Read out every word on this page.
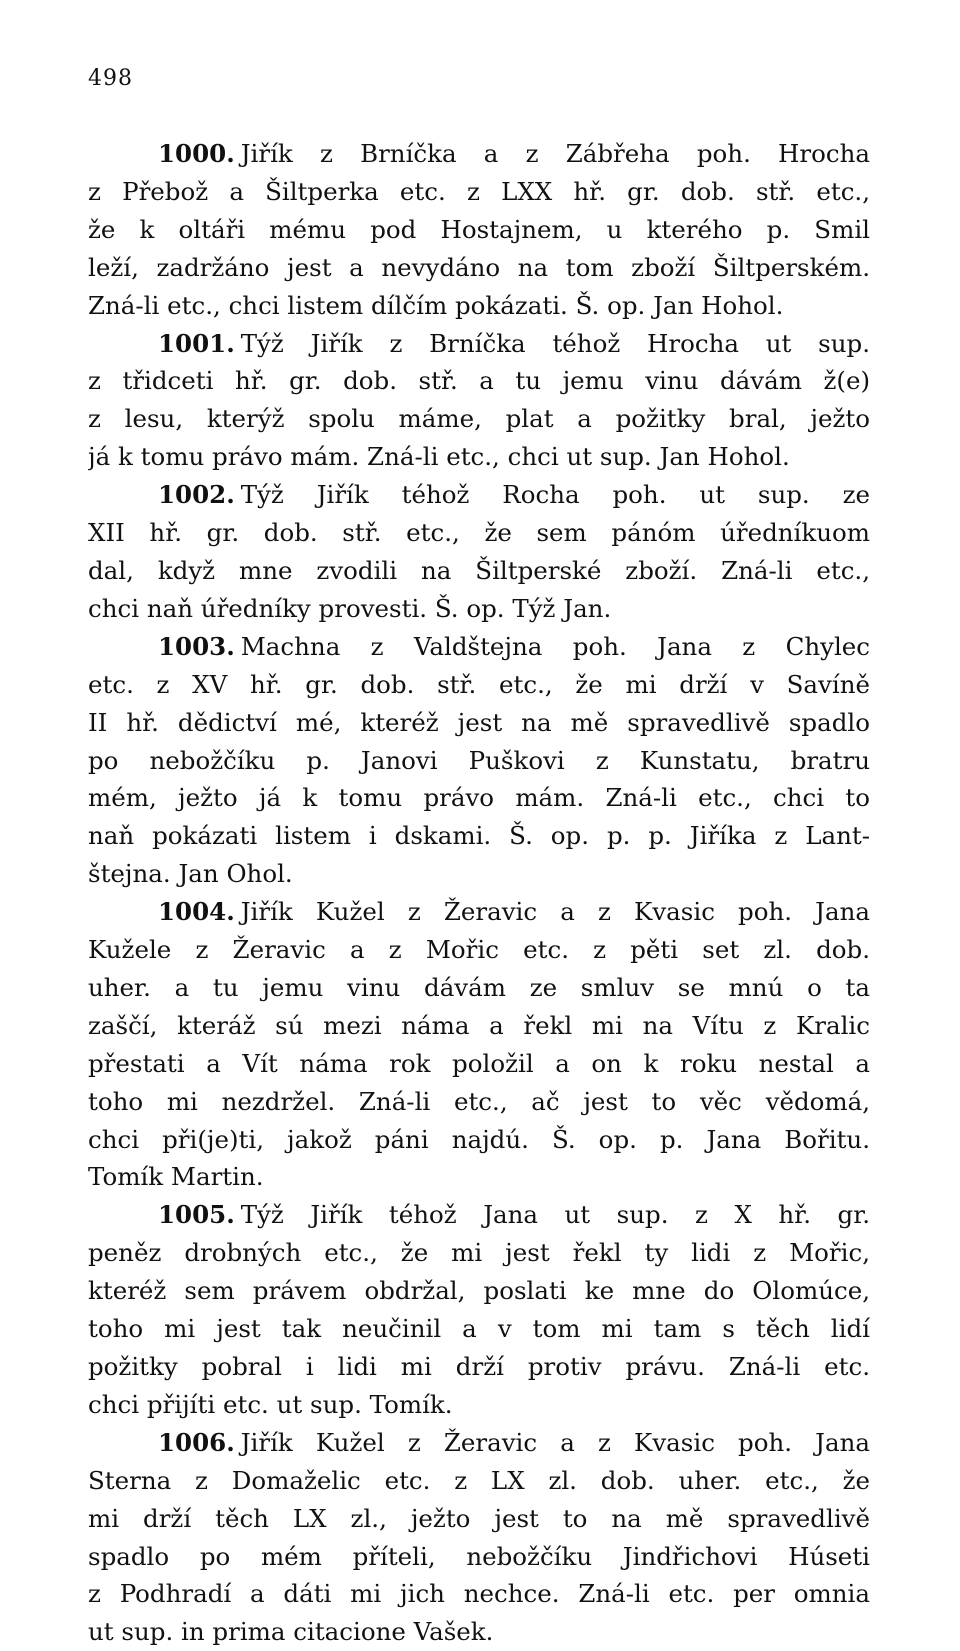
498
1000. Jiřík z Brníčka a z Zábřeha poh. Hrocha
z Přebož a Šiltperka etc. z LXX hř. gr. dob. stř. etc.,
že k oltáři mému pod Hostajnem, u kterého p. Smil
leží, zadržáno jest a nevydáno na tom zboží Šiltperském.
Zná-li etc., chci listem dílčím pokázati. Š. op. Jan Hohol.
1001. Týž Jiřík z Brníčka téhož Hrocha ut sup.
z třidceti hř. gr. dob. stř. a tu jemu vinu dávám ž(e)
z lesu, kterýž spolu máme, plat a požitky bral, ježto
já k tomu právo mám. Zná-li etc., chci ut sup. Jan Hohol.
1002. Týž Jiřík téhož Rocha poh. ut sup. ze
XII hř. gr. dob. stř. etc., že sem pánóm úředníkuom
dal, když mne zvodili na Šiltperské zboží. Zná-li etc.,
chci naň úředníky provesti. Š. op. Týž Jan.
1003. Machna z Valdštejna poh. Jana z Chylec
etc. z XV hř. gr. dob. stř. etc., že mi drží v Savíně
II hř. dědictví mé, kteréž jest na mě spravedlivě spadlo
po nebožčíku p. Janovi Puškovi z Kunstatu, bratru
mém, ježto já k tomu právo mám. Zná-li etc., chci to
naň pokázati listem i dskami. Š. op. p. p. Jiříka z Lant-
štejna. Jan Ohol.
1004. Jiřík Kužel z Žeravic a z Kvasic poh. Jana
Kužele z Žeravic a z Mořic etc. z pěti set zl. dob.
uher. a tu jemu vinu dávám ze smluv se mnú o ta
zaščí, kteráž sú mezi náma a řekl mi na Vítu z Kralic
přestati a Vít náma rok položil a on k roku nestal a
toho mi nezdržel. Zná-li etc., ač jest to věc vědomá,
chci při(je)ti, jakož páni najdú. Š. op. p. Jana Bořitu.
Tomík Martin.
1005. Týž Jiřík téhož Jana ut sup. z X hř. gr.
peněz drobných etc., že mi jest řekl ty lidi z Mořic,
kteréž sem právem obdržal, poslati ke mne do Olomúce,
toho mi jest tak neučinil a v tom mi tam s těch lidí
požitky pobral i lidi mi drží protiv právu. Zná-li etc.
chci přijíti etc. ut sup. Tomík.
1006. Jiřík Kužel z Žeravic a z Kvasic poh. Jana
Sterna z Domaželic etc. z LX zl. dob. uher. etc., že
mi drží těch LX zl., ježto jest to na mě spravedlivě
spadlo po mém příteli, nebožčíku Jindřichovi Húseti
z Podhradí a dáti mi jich nechce. Zná-li etc. per omnia
ut sup. in prima citacione Vašek.
